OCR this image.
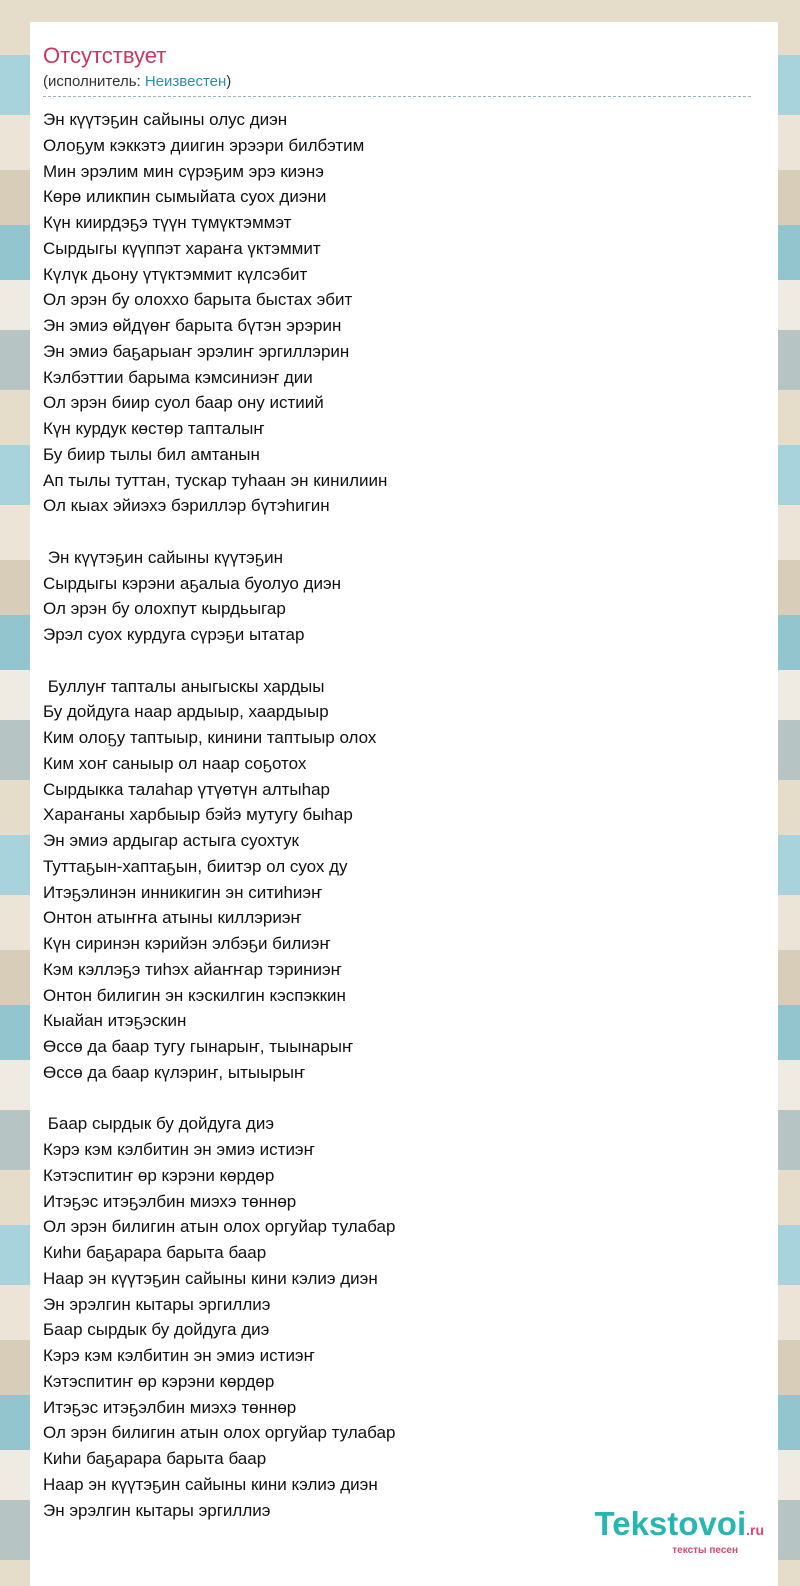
Отсутствует
(исполнитель: Неизвестен)
Эн күүтэҕин сайыны олус диэн
Олоҕум кэккэтэ диигин эрээри билбэтим
Мин эрэлим мин сүрэҕим эрэ киэнэ
Көрө иликпин сымыйата суох диэни
Күн киирдэҕэ түүн түмүктэммэт
Сырдыгы күүппэт хараҥа үктэммит
Күлүк дьону үтүктэммит күлсэбит
Ол эрэн бу олоххо барыта быстах эбит
Эн эмиэ өйдүөҥ барыта бүтэн эрэрин
Эн эмиэ баҕарыаҥ эрэлиҥ эргиллэрин
Кэлбэттии барыма кэмсиниэҥ дии
Ол эрэн биир суол баар ону истиий
Күн курдук көстөр тапталыҥ
Бу биир тылы бил амтанын
Ап тылы туттан, тускар туһаан эн кинилиин
Ол кыах эйиэхэ бэриллэр бүтэһигин
Эн күүтэҕин сайыны күүтэҕин
Сырдыгы кэрэни аҕалыа буолуо диэн
Ол эрэн бу олохпут кырдьыгар
Эрэл суох курдуга сүрэҕи ытатар
Буллуҥ тапталы аныгыскы хардыы
Бу дойдуга наар ардыыр, хаардыыр
Ким олоҕу таптыыр, кинини таптыыр олох
Ким хоҥ саныыр ол наар соҕотох
Сырдыкка талаһар үтүөтүн алтыһар
Хараҥаны харбыыр бэйэ мутугу быһар
Эн эмиэ ардыгар астыга суохтук
Туттаҕын-хаптаҕын, биитэр ол суох ду
Итэҕэлинэн инникигин эн ситиһиэҥ
Онтон атыҥҥа атыны киллэриэҥ
Күн сиринэн кэрийэн элбэҕи билиэҥ
Кэм кэллэҕэ тиһэх айаҥҥар тэриниэҥ
Онтон билигин эн кэскилгин кэспэккин
Кыайан итэҕэскин
Өссө да баар тугу гынарыҥ, тыынарыҥ
Өссө да баар күлэриҥ, ытыырыҥ
Баар сырдык бу дойдуга диэ
Кэрэ кэм кэлбитин эн эмиэ истиэҥ
Кэтэспитиҥ өр кэрэни көрдөр
Итэҕэс итэҕэлбин миэхэ төннөр
Ол эрэн билигин атын олох оргуйар тулабар
Киһи баҕарара барыта баар
Наар эн күүтэҕин сайыны кини кэлиэ диэн
Эн эрэлгин кытары эргиллиэ
Баар сырдык бу дойдуга диэ
Кэрэ кэм кэлбитин эн эмиэ истиэҥ
Кэтэспитиҥ өр кэрэни көрдөр
Итэҕэс итэҕэлбин миэхэ төннөр
Ол эрэн билигин атын олох оргуйар тулабар
Киһи баҕарара барыта баар
Наар эн күүтэҕин сайыны кини кэлиэ диэн
Эн эрэлгин кытары эргиллиэ	Tekstovoi.ru
тексты песен
